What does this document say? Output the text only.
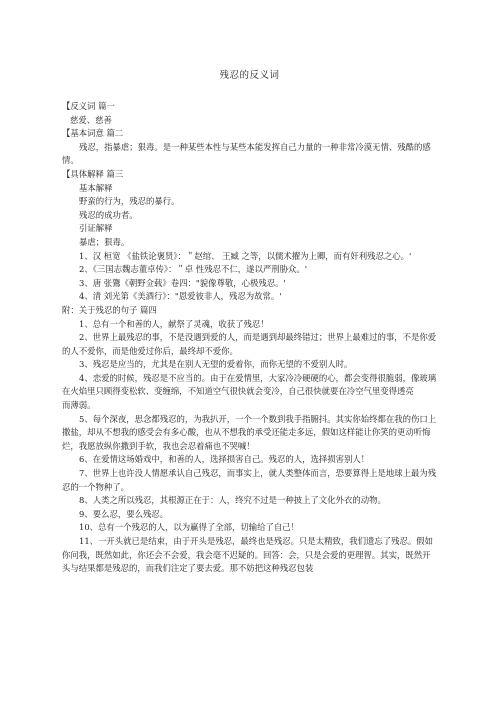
残忍的反义词
【反义词 篇一
慈爱、慈善
【基本词意 篇二
残忍，指暴虐；狠毒。是一种某些本性与某些本能发挥自己力量的一种非常冷漠无情、残酷的感情。
【具体解释 篇三
基本解释
野蛮的行为，残忍的暴行。
残忍的成功者。
引证解释
暴虐；狠毒。
1、汉 桓宽 《盐铁论褒贤》：＂赵绾、 王臧 之等，以儒术擢为上卿，而有奸利残忍之心。'
2、《三国志魏志董卓传》：＂卓 性残忍不仁，遂以严刑胁众。'
3、唐 张鷟《朝野佥载》卷四："貌像尊敬，心极残忍。'
4、清 刘光第《美酒行》："恩爱彼非人，残忍为故常。'
附：关于残忍的句子 篇四
1、总有一个和善的人，献祭了灵魂，收获了残忍！
2、世界上最残忍的事，不是没遇到爱的人，而是遇到却最终错过；世界上最难过的事，不是你爱的人不爱你，而是他爱过你后，最终却不爱你。
3、残忍是应当的，尤其是在别人无望的爱着你，而你无望的不爱别人时。
4、恋爱的时候，残忍是不应当的。由于在爱情里，大家冷冷硬硬的心，都会变得很脆弱，像玻璃在火焰里只顾得变松软、变缠绵，不知道空气很快就会变冷，自己很快就要在冷空气里变得透亮　　而薄弱。
5、每个深夜，思念都残忍的，为我扒开，一个一个数到我手指腑抖。其实你始终都在我的伤口上撒盐，却从不想我的感受会有多心酸，也从不想我的承受还能走多远，假如这样能让你笑的更动听悔烂，我愿放纵你撒到手软，我也会忍着痛也不哭喊！
6、在爱情这场婚戏中，和善的人，选择损害自己。残忍的人，选择损害别人！
7、世界上也许没人情愿承认自己残忍，而事实上，就人类整体而言，恐要算得上是地球上最为残忍的一个物种了。
8、人类之所以残忍，其根源正在于：人，终究不过是一种披上了文化外衣的动物。
9、要么忍，要么残忍。
10、总有一个残忍的人，以为赢得了全部，切输给了自己！
11、一开头就已是结束，由于开头是残忍，最终也是残忍。只是太精致，我们遗忘了残忍。假如你问我，既然如此，你还会不会爱，我会毫不迟疑的。回答：会，只是会爱的更理智。其实，既然开头与结果都是残忍的，而我们注定了要去爱。那不妨把这种残忍包装
